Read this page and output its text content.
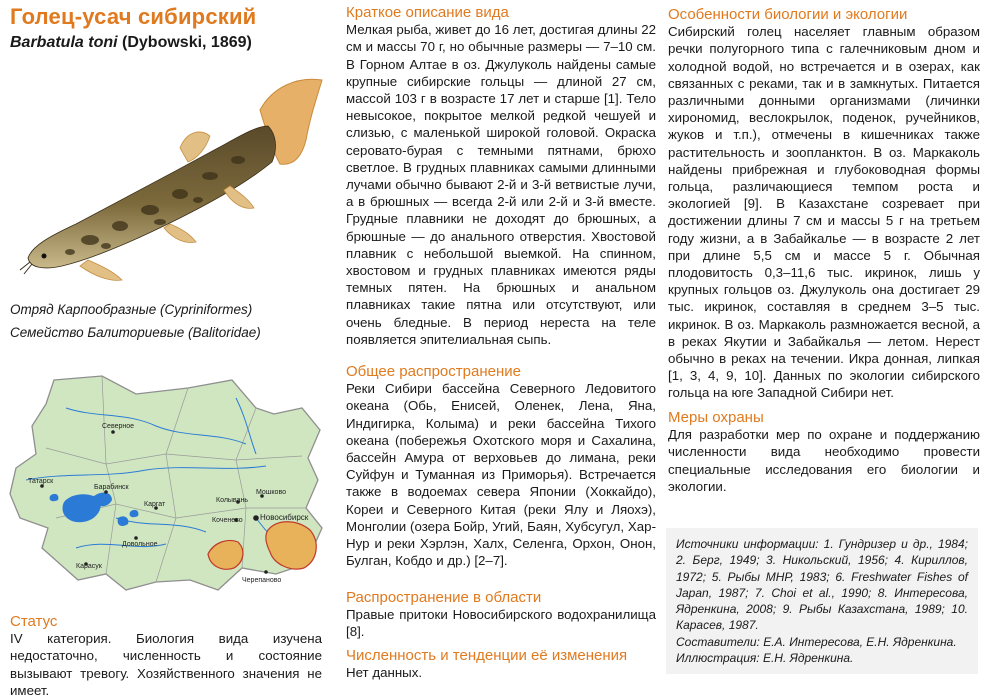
Голец-усач сибирский
Barbatula toni (Dybowski, 1869)
Отряд Карпообразные (Cypriniformes)
Семейство Балиториевые (Balitoridae)
Северное
Татарск
Барабинск
Каргат
Колывань
Мошково
Коченево Новосибирск
Довольное
Карасук
Черепаново
Статус

IV категория. Биология вида изучена недостаточно, численность и состояние вызывают тревогу. Хозяйственного значения не имеет.

Краткое описание вида

Мелкая рыба, живет до 16 лет, достигая длины 22 см и массы 70 г, но обычные размеры — 7–10 см. В Горном Алтае в оз. Джулуколь найдены самые крупные сибирские гольцы — длиной 27 см, массой 103 г в возрасте 17 лет и старше [1]. Тело невысокое, покрытое мелкой редкой чешуей и слизью, с маленькой широкой головой. Окраска серовато-бурая с темными пятнами, брюхо светлое. В грудных плавниках самыми длинными лучами обычно бывают 2-й и 3-й ветвистые лучи, а в брюшных — всегда 2-й или 2-й и 3-й вместе. Грудные плавники не доходят до брюшных, а брюшные — до анального отверстия. Хвостовой плавник с небольшой выемкой. На спинном, хвостовом и грудных плавниках имеются ряды темных пятен. На брюшных и анальном плавниках такие пятна или отсутствуют, или очень бледные. В период нереста на теле появляется эпителиальная сыпь.

Общее распространение

Реки Сибири бассейна Северного Ледовитого океана (Обь, Енисей, Оленек, Лена, Яна, Индигирка, Колыма) и реки бассейна Тихого океана (побережья Охотского моря и Сахалина, бассейн Амура от верховьев до лимана, реки Суйфун и Туманная из Приморья). Встречается также в водоемах севера Японии (Хоккайдо), Кореи и Северного Китая (реки Ялу и Ляохэ), Монголии (озера Бойр, Угий, Баян, Хубсугул, Хар-Нур и реки Хэрлэн, Халх, Селенга, Орхон, Онон, Булган, Кобдо и др.) [2–7].

Распространение в области

Правые притоки Новосибирского водохранилища [8].

Численность и тенденции её изменения

Нет данных.

Особенности биологии и экологии

Сибирский голец населяет главным образом речки полугорного типа с галечниковым дном и холодной водой, но встречается и в озерах, как связанных с реками, так и в замкнутых. Питается различными донными организмами (личинки хирономид, веслокрылок, поденок, ручейников, жуков и т.п.), отмечены в кишечниках также растительность и зоопланктон. В оз. Маркаколь найдены прибрежная и глубоководная формы гольца, различающиеся темпом роста и экологией [9]. В Казахстане созревает при достижении длины 7 см и массы 5 г на третьем году жизни, а в Забайкалье — в возрасте 2 лет при длине 5,5 см и массе 5 г. Обычная плодовитость 0,3–11,6 тыс. икринок, лишь у крупных гольцов оз. Джулуколь она достигает 29 тыс. икринок, составляя в среднем 3–5 тыс. икринок. В оз. Маркаколь размножается весной, а в реках Якутии и Забайкалья — летом. Нерест обычно в реках на течении. Икра донная, липкая [1, 3, 4, 9, 10]. Данных по экологии сибирского гольца на юге Западной Сибири нет.

Меры охраны

Для разработки мер по охране и поддержанию численности вида необходимо провести специальные исследования его биологии и экологии.

Источники информации: 1. Гундризер и др., 1984; 2. Берг, 1949; 3. Никольский, 1956; 4. Кириллов, 1972; 5. Рыбы МНР, 1983; 6. Freshwater Fishes of Japan, 1987; 7. Choi et al., 1990; 8. Интересова, Ядренкина, 2008; 9. Рыбы Казахстана, 1989; 10. Карасев, 1987.

Составители: Е.А. Интересова, Е.Н. Ядренкина.

Иллюстрация: Е.Н. Ядренкина.
